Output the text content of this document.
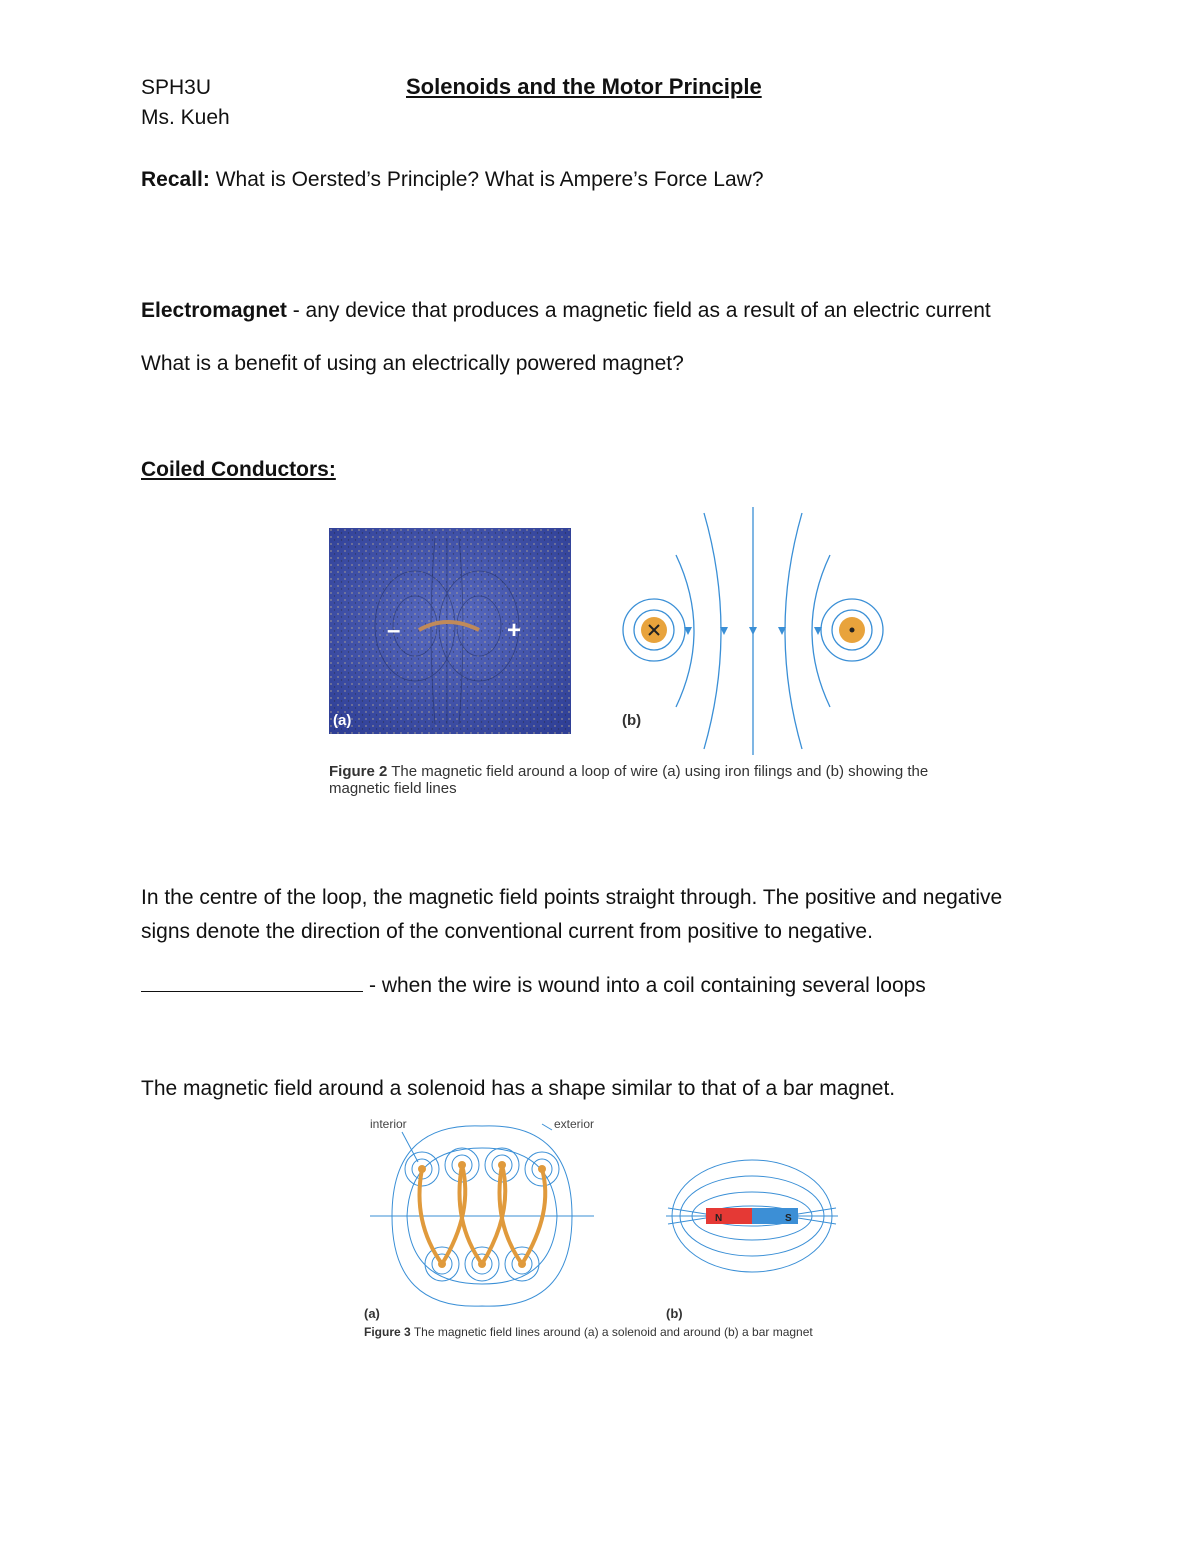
SPH3U	Solenoids and the Motor Principle
Ms. Kueh
Recall: What is Oersted’s Principle? What is Ampere’s Force Law?
Electromagnet - any device that produces a magnetic field as a result of an electric current
What is a benefit of using an electrically powered magnet?
Coiled Conductors:
–	+
(a)	(b)
Figure 2 The magnetic field around a loop of wire (a) using iron filings and (b) showing the
magnetic field lines
In the centre of the loop, the magnetic field points straight through. The positive and negative
signs denote the direction of the conventional current from positive to negative.
- when the wire is wound into a coil containing several loops
The magnetic field around a solenoid has a shape similar to that of a bar magnet.
interior	exterior
(a)
N	S
(b)
Figure 3 The magnetic field lines around (a) a solenoid and around (b) a bar magnet
